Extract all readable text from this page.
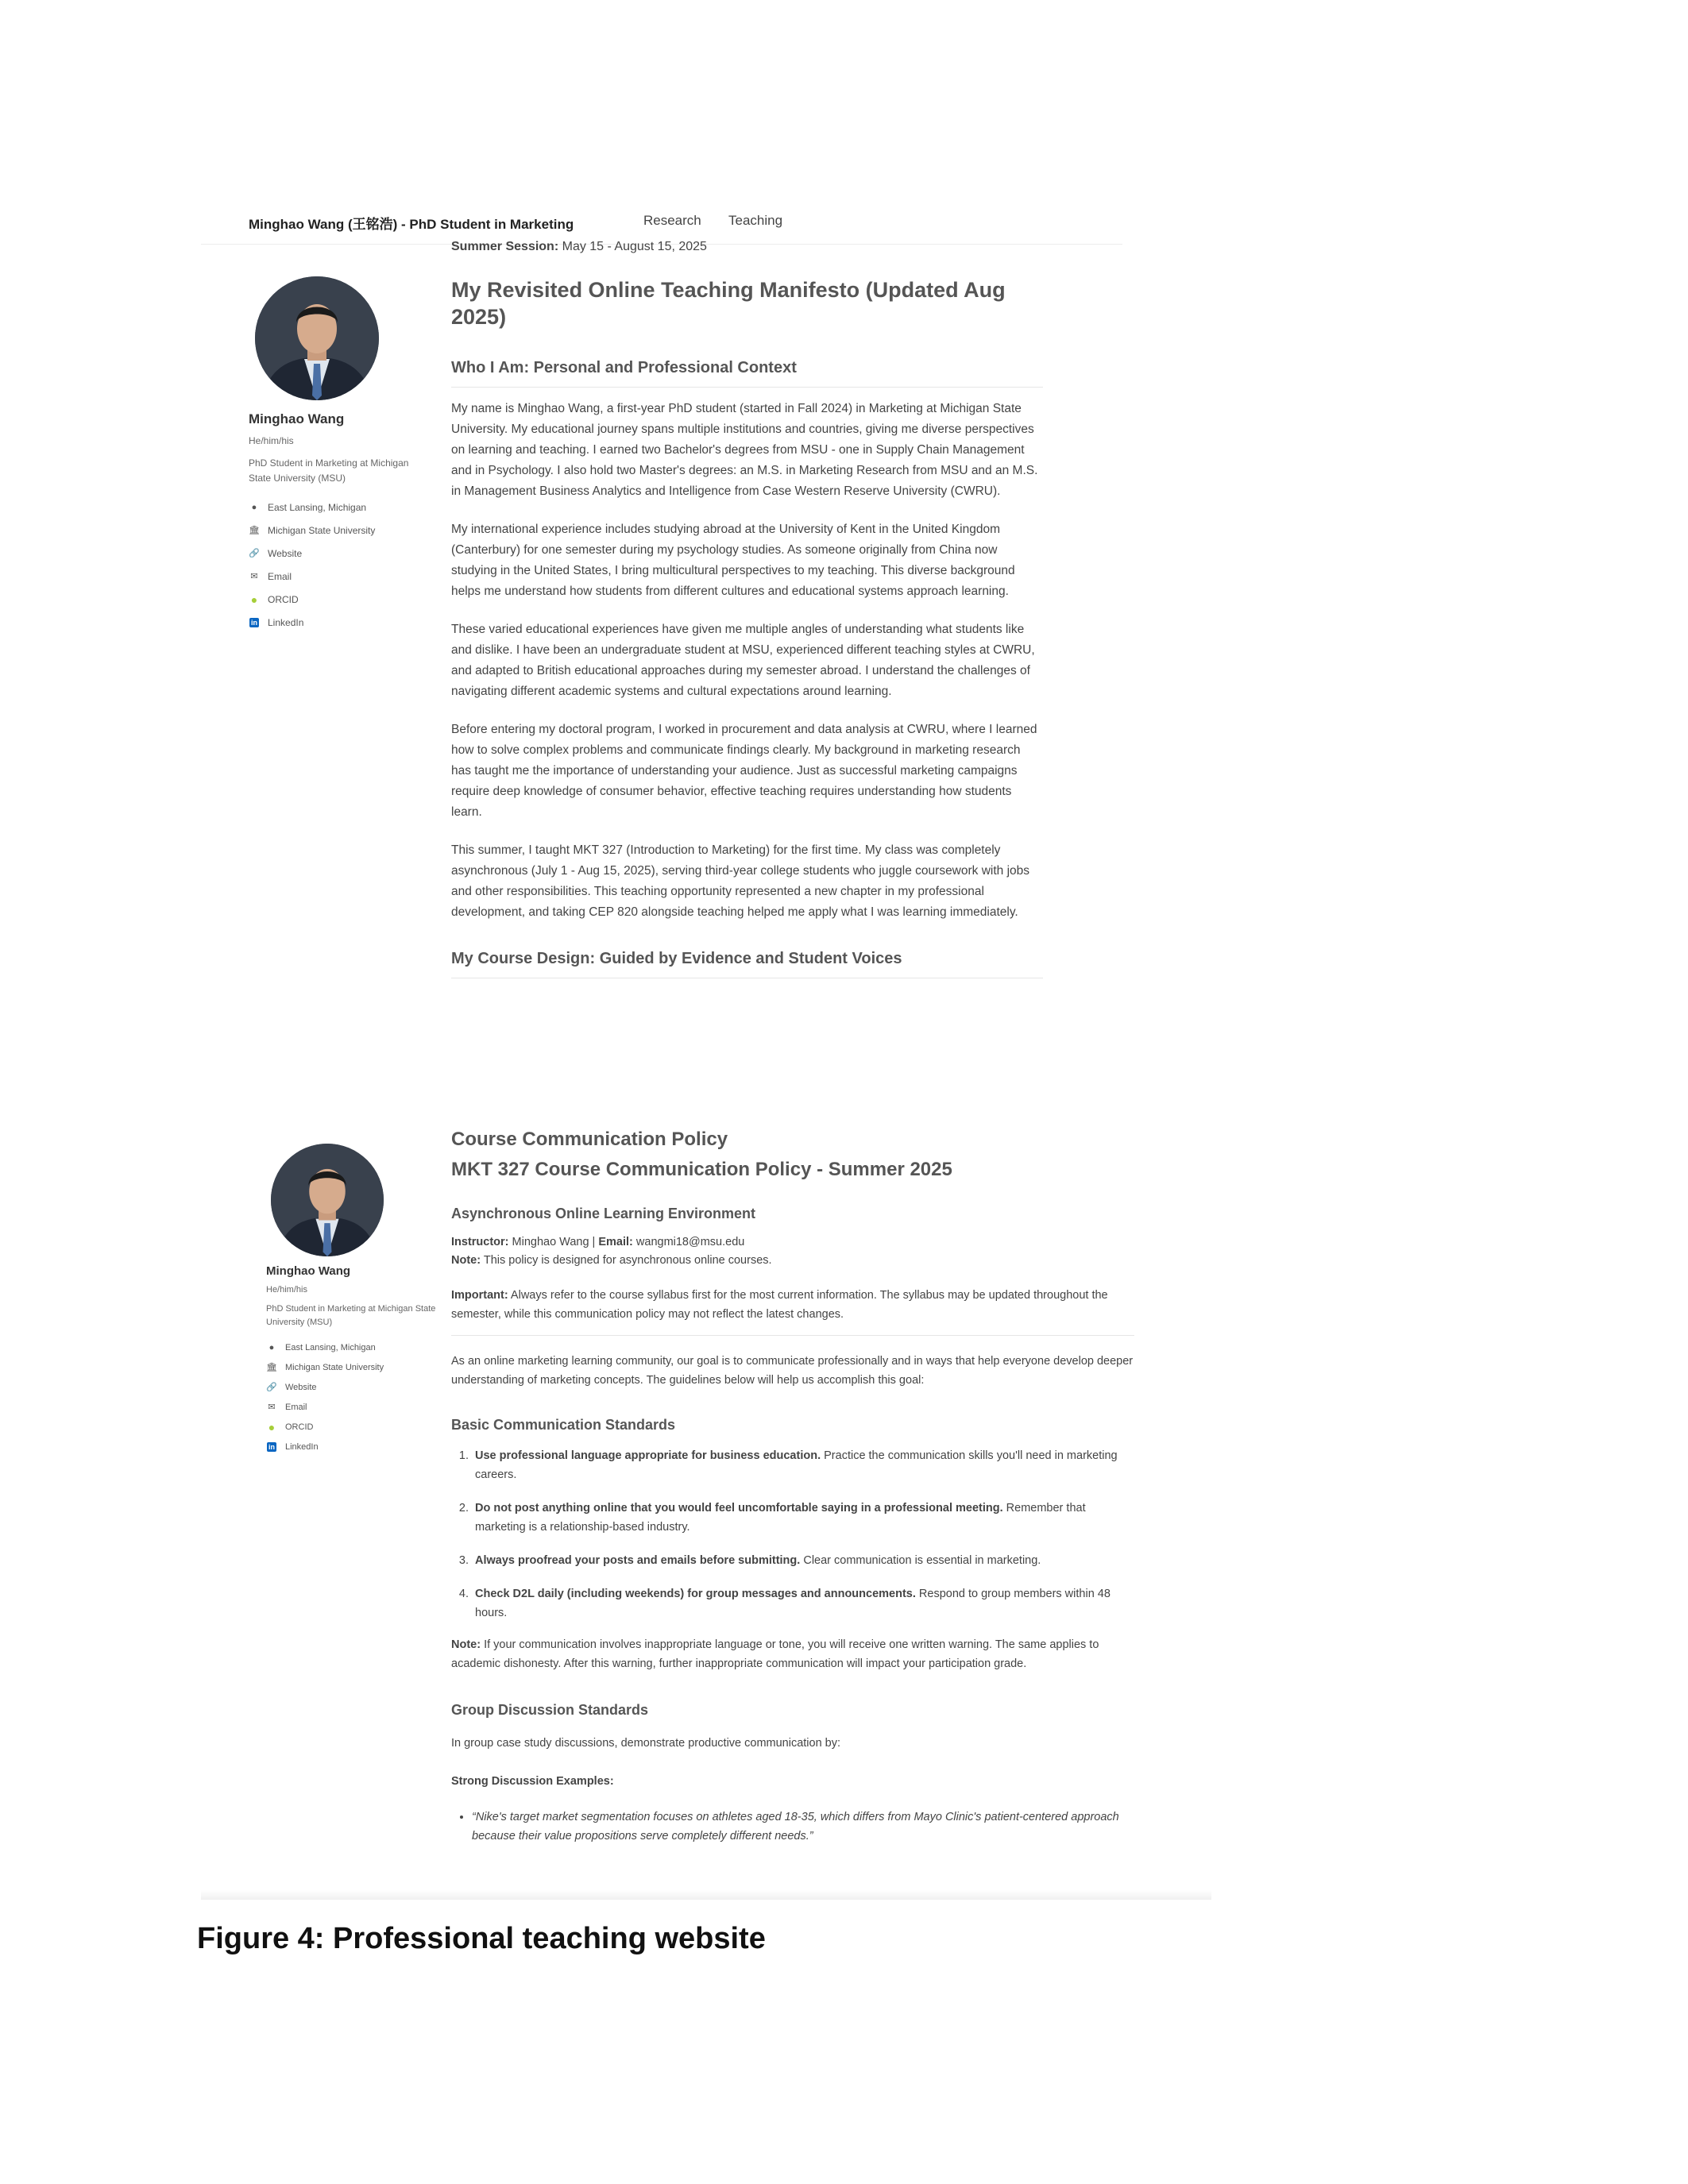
Minghao Wang (王铭浩) - PhD Student in Marketing	Research Teaching
Minghao Wang
He/him/his
PhD Student in Marketing at Michigan State University (MSU)
●	East Lansing, Michigan
🏛 Michigan State University
🔗 Website
✉ Email
● ORCID
in LinkedIn
Summer Session: May 15 - August 15, 2025
My Revisited Online Teaching Manifesto (Updated Aug 2025)
Who I Am: Personal and Professional Context

My name is Minghao Wang, a first-year PhD student (started in Fall 2024) in Marketing at Michigan State University. My educational journey spans multiple institutions and countries, giving me diverse perspectives on learning and teaching. I earned two Bachelor's degrees from MSU - one in Supply Chain Management and in Psychology. I also hold two Master's degrees: an M.S. in Marketing Research from MSU and an M.S. in Management Business Analytics and Intelligence from Case Western Reserve University (CWRU).

My international experience includes studying abroad at the University of Kent in the United Kingdom (Canterbury) for one semester during my psychology studies. As someone originally from China now studying in the United States, I bring multicultural perspectives to my teaching. This diverse background helps me understand how students from different cultures and educational systems approach learning.

These varied educational experiences have given me multiple angles of understanding what students like and dislike. I have been an undergraduate student at MSU, experienced different teaching styles at CWRU, and adapted to British educational approaches during my semester abroad. I understand the challenges of navigating different academic systems and cultural expectations around learning.

Before entering my doctoral program, I worked in procurement and data analysis at CWRU, where I learned how to solve complex problems and communicate findings clearly. My background in marketing research has taught me the importance of understanding your audience. Just as successful marketing campaigns require deep knowledge of consumer behavior, effective teaching requires understanding how students learn.

This summer, I taught MKT 327 (Introduction to Marketing) for the first time. My class was completely asynchronous (July 1 - Aug 15, 2025), serving third-year college students who juggle coursework with jobs and other responsibilities. This teaching opportunity represented a new chapter in my professional development, and taking CEP 820 alongside teaching helped me apply what I was learning immediately.

My Course Design: Guided by Evidence and Student Voices
Minghao Wang
He/him/his
PhD Student in Marketing at Michigan State University (MSU)
●	East Lansing, Michigan
🏛 Michigan State University
🔗 Website
✉ Email
● ORCID
in LinkedIn
Course Communication Policy
MKT 327 Course Communication Policy - Summer 2025
Asynchronous Online Learning Environment
Instructor: Minghao Wang | Email: wangmi18@msu.edu
Note: This policy is designed for asynchronous online courses.
Important: Always refer to the course syllabus first for the most current information. The syllabus may be updated throughout the semester, while this communication policy may not reflect the latest changes.

As an online marketing learning community, our goal is to communicate professionally and in ways that help everyone develop deeper understanding of marketing concepts. The guidelines below will help us accomplish this goal:

Basic Communication Standards
1. Use professional language appropriate for business education. Practice the communication skills you'll need in marketing careers.
2. Do not post anything online that you would feel uncomfortable saying in a professional meeting. Remember that marketing is a relationship-based industry.
3. Always proofread your posts and emails before submitting. Clear communication is essential in marketing.
4. Check D2L daily (including weekends) for group messages and announcements. Respond to group members within 48 hours.
Note: If your communication involves inappropriate language or tone, you will receive one written warning. The same applies to academic dishonesty. After this warning, further inappropriate communication will impact your participation grade.
Group Discussion Standards

In group case study discussions, demonstrate productive communication by:

Strong Discussion Examples:

• “Nike's target market segmentation focuses on athletes aged 18-35, which differs from Mayo Clinic's patient-centered approach because their value propositions serve completely different needs.”
Figure 4: Professional teaching website
